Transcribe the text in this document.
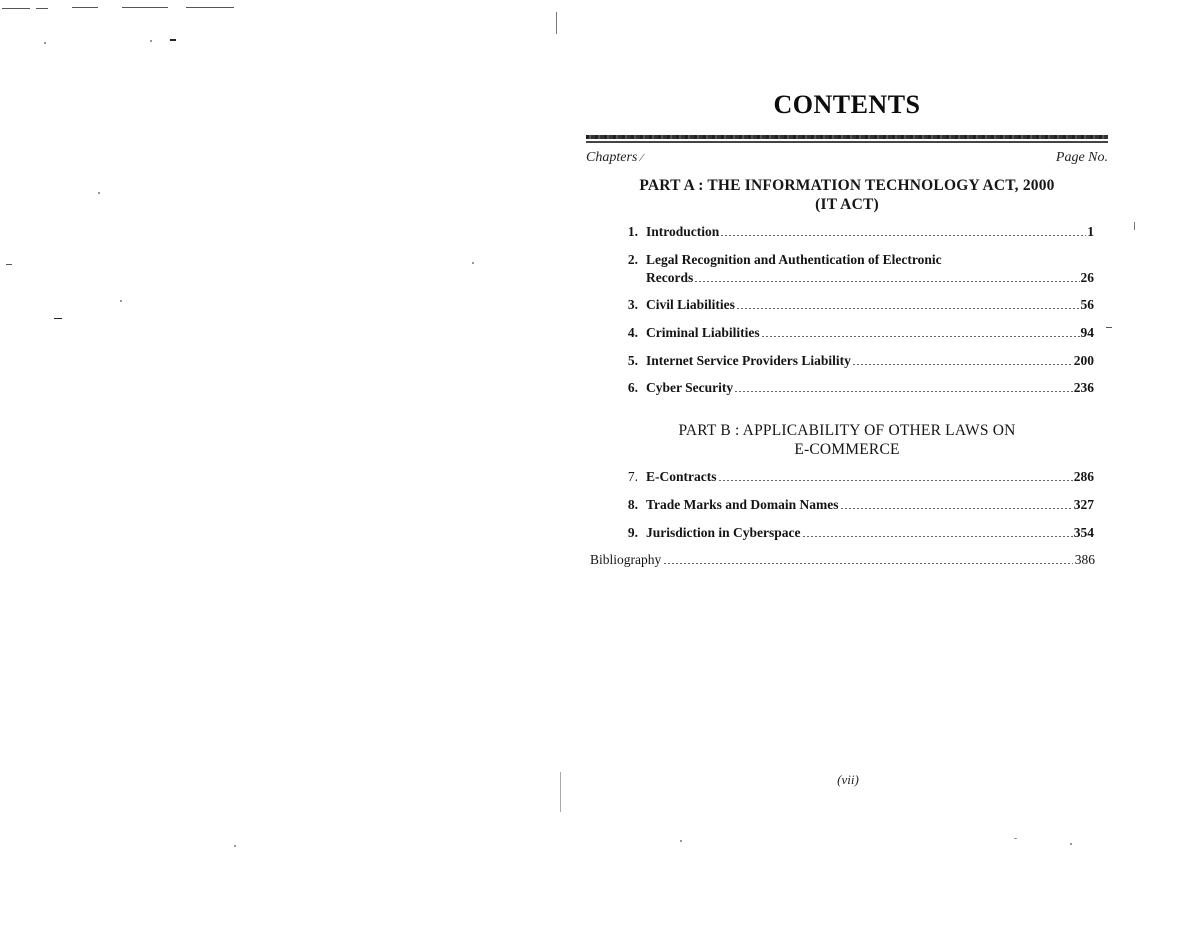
CONTENTS
Chapters ⁄	Page No.
PART A : THE INFORMATION TECHNOLOGY ACT, 2000
(IT ACT)
1. Introduction	1
2. Legal Recognition and Authentication of Electronic
Records	26
3. Civil Liabilities	56
4. Criminal Liabilities	94
5. Internet Service Providers Liability	200
6. Cyber Security	236
PART B : APPLICABILITY OF OTHER LAWS ON
E-COMMERCE
7. E-Contracts	286
8. Trade Marks and Domain Names	327
9. Jurisdiction in Cyberspace	354
Bibliography	386
(vii)
